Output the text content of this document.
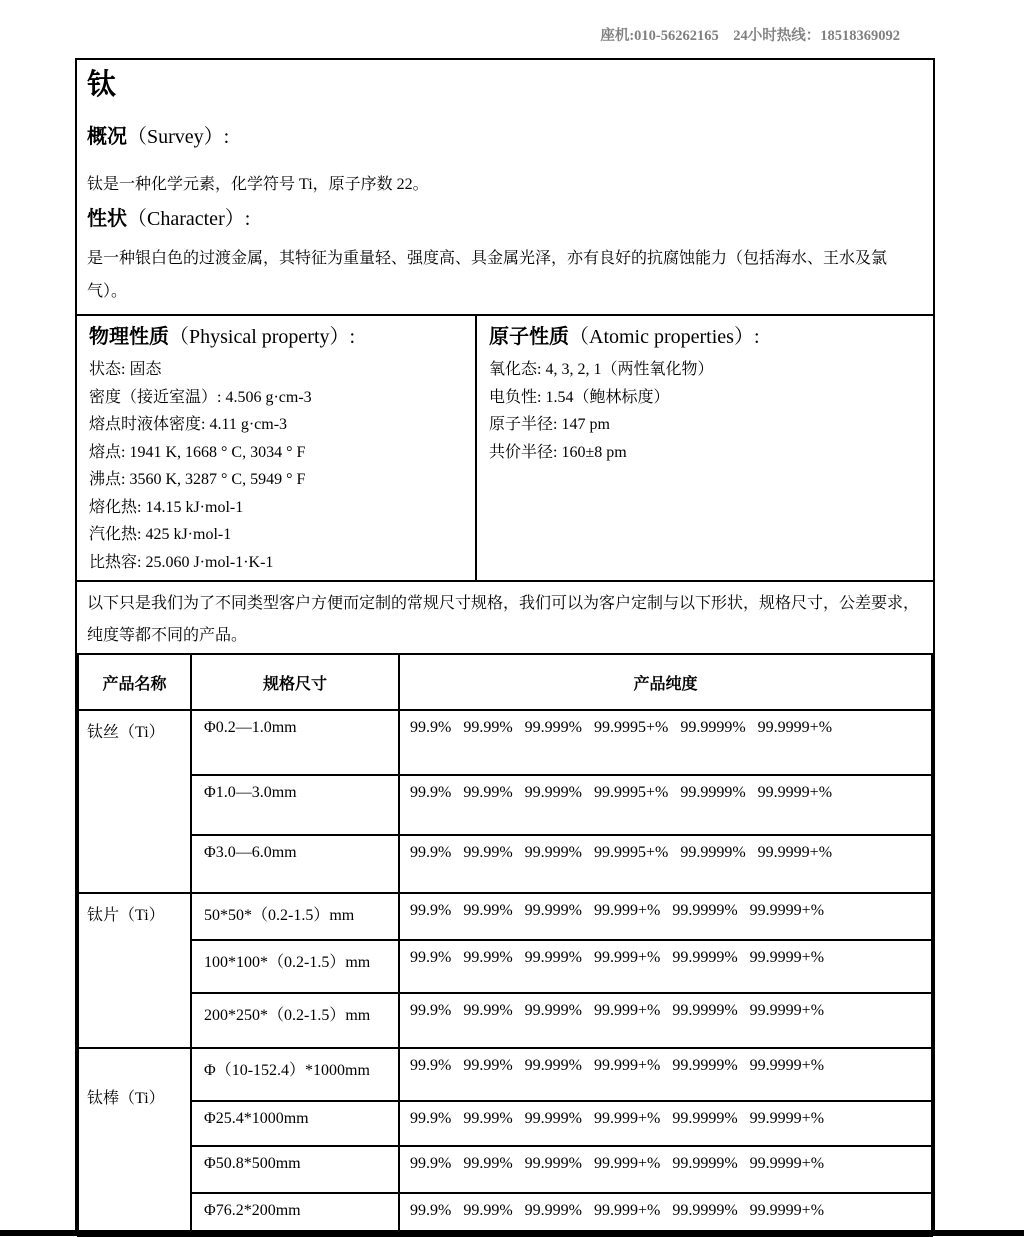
座机:010-56262165    24小时热线：18518369092
钛
概况（Survey）:
钛是一种化学元素，化学符号 Ti，原子序数 22。
性状（Character）:
是一种银白色的过渡金属，其特征为重量轻、强度高、具金属光泽，亦有良好的抗腐蚀能力（包括海水、王水及氯气）。
物理性质（Physical property）:
状态: 固态
密度（接近室温）: 4.506 g·cm-3
熔点时液体密度: 4.11 g·cm-3
熔点: 1941 K, 1668 ° C, 3034 ° F
沸点: 3560 K, 3287 ° C, 5949 ° F
熔化热: 14.15 kJ·mol-1
汽化热: 425 kJ·mol-1
比热容: 25.060 J·mol-1·K-1
原子性质（Atomic properties）:
氧化态: 4, 3, 2, 1（两性氧化物）
电负性: 1.54（鲍林标度）
原子半径: 147 pm
共价半径: 160±8 pm
以下只是我们为了不同类型客户方便而定制的常规尺寸规格，我们可以为客户定制与以下形状，规格尺寸，公差要求，纯度等都不同的产品。
产品名称	规格尺寸	产品纯度
钛丝（Ti）	Φ0.2—1.0mm	99.9%   99.99%   99.999%   99.9995+%   99.9999%   99.9999+%
	Φ1.0—3.0mm	99.9%   99.99%   99.999%   99.9995+%   99.9999%   99.9999+%
	Φ3.0—6.0mm	99.9%   99.99%   99.999%   99.9995+%   99.9999%   99.9999+%
钛片（Ti）	50*50*（0.2-1.5）mm	99.9%   99.99%   99.999%   99.999+%   99.9999%   99.9999+%
	100*100*（0.2-1.5）mm	99.9%   99.99%   99.999%   99.999+%   99.9999%   99.9999+%
	200*250*（0.2-1.5）mm	99.9%   99.99%   99.999%   99.999+%   99.9999%   99.9999+%
钛棒（Ti）	Φ（10-152.4）*1000mm	99.9%   99.99%   99.999%   99.999+%   99.9999%   99.9999+%
	Φ25.4*1000mm	99.9%   99.99%   99.999%   99.999+%   99.9999%   99.9999+%
	Φ50.8*500mm	99.9%   99.99%   99.999%   99.999+%   99.9999%   99.9999+%
	Φ76.2*200mm	99.9%   99.99%   99.999%   99.999+%   99.9999%   99.9999+%
